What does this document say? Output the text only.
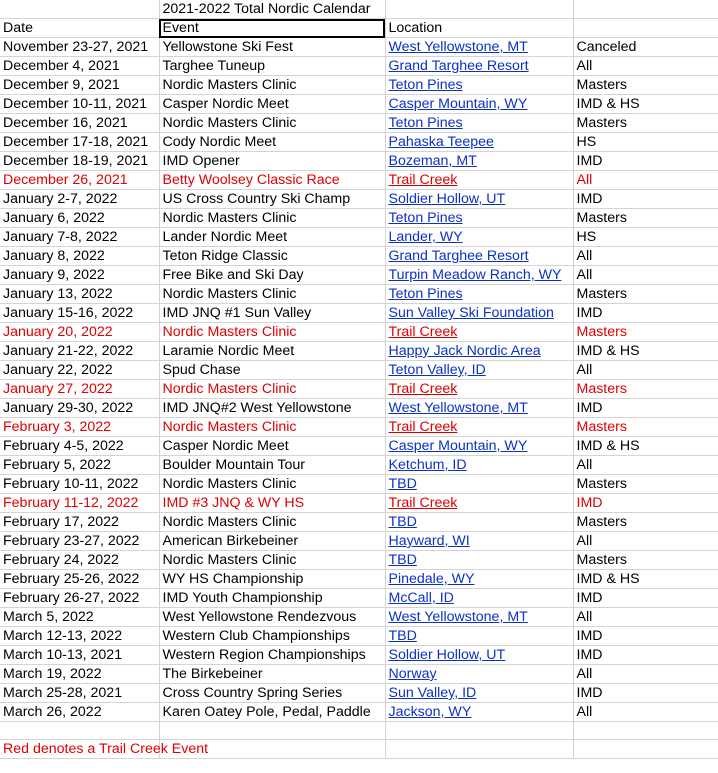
	2021-2022 Total Nordic Calendar		
Date	Event	Location	
November 23-27, 2021	Yellowstone Ski Fest	West Yellowstone, MT	Canceled
December 4, 2021	Targhee Tuneup	Grand Targhee Resort	All
December 9, 2021	Nordic Masters Clinic	Teton Pines	Masters
December 10-11, 2021	Casper Nordic Meet	Casper Mountain, WY	IMD & HS
December 16, 2021	Nordic Masters Clinic	Teton Pines	Masters
December 17-18, 2021	Cody Nordic Meet	Pahaska Teepee	HS
December 18-19, 2021	IMD Opener	Bozeman, MT	IMD
December 26, 2021	Betty Woolsey Classic Race	Trail Creek	All
January 2-7, 2022	US Cross Country Ski Champ	Soldier Hollow, UT	IMD
January 6, 2022	Nordic Masters Clinic	Teton Pines	Masters
January 7-8, 2022	Lander Nordic Meet	Lander, WY	HS
January 8, 2022	Teton Ridge Classic	Grand Targhee Resort	All
January 9, 2022	Free Bike and Ski Day	Turpin Meadow Ranch, WY	All
January 13, 2022	Nordic Masters Clinic	Teton Pines	Masters
January 15-16, 2022	IMD JNQ #1 Sun Valley	Sun Valley Ski Foundation	IMD
January 20, 2022	Nordic Masters Clinic	Trail Creek	Masters
January 21-22, 2022	Laramie Nordic Meet	Happy Jack Nordic Area	IMD & HS
January 22, 2022	Spud Chase	Teton Valley, ID	All
January 27, 2022	Nordic Masters Clinic	Trail Creek	Masters
January 29-30, 2022	IMD JNQ#2 West Yellowstone	West Yellowstone, MT	IMD
February 3, 2022	Nordic Masters Clinic	Trail Creek	Masters
February 4-5, 2022	Casper Nordic Meet	Casper Mountain, WY	IMD & HS
February 5, 2022	Boulder Mountain Tour	Ketchum, ID	All
February 10-11, 2022	Nordic Masters Clinic	TBD	Masters
February 11-12, 2022	IMD #3 JNQ & WY HS	Trail Creek	IMD
February 17, 2022	Nordic Masters Clinic	TBD	Masters
February 23-27, 2022	American Birkebeiner	Hayward, WI	All
February 24, 2022	Nordic Masters Clinic	TBD	Masters
February 25-26, 2022	WY HS Championship	Pinedale, WY	IMD & HS
February 26-27, 2022	IMD Youth Championship	McCall, ID	IMD
March 5, 2022	West Yellowstone Rendezvous	West Yellowstone, MT	All
March 12-13, 2022	Western Club Championships	TBD	IMD
March 10-13, 2021	Western Region Championships	Soldier Hollow, UT	IMD
March 19, 2022	The Birkebeiner	Norway	All
March 25-28, 2021	Cross Country Spring Series	Sun Valley, ID	IMD
March 26, 2022	Karen Oatey Pole, Pedal, Paddle	Jackson, WY	All

Red denotes a Trail Creek Event			
